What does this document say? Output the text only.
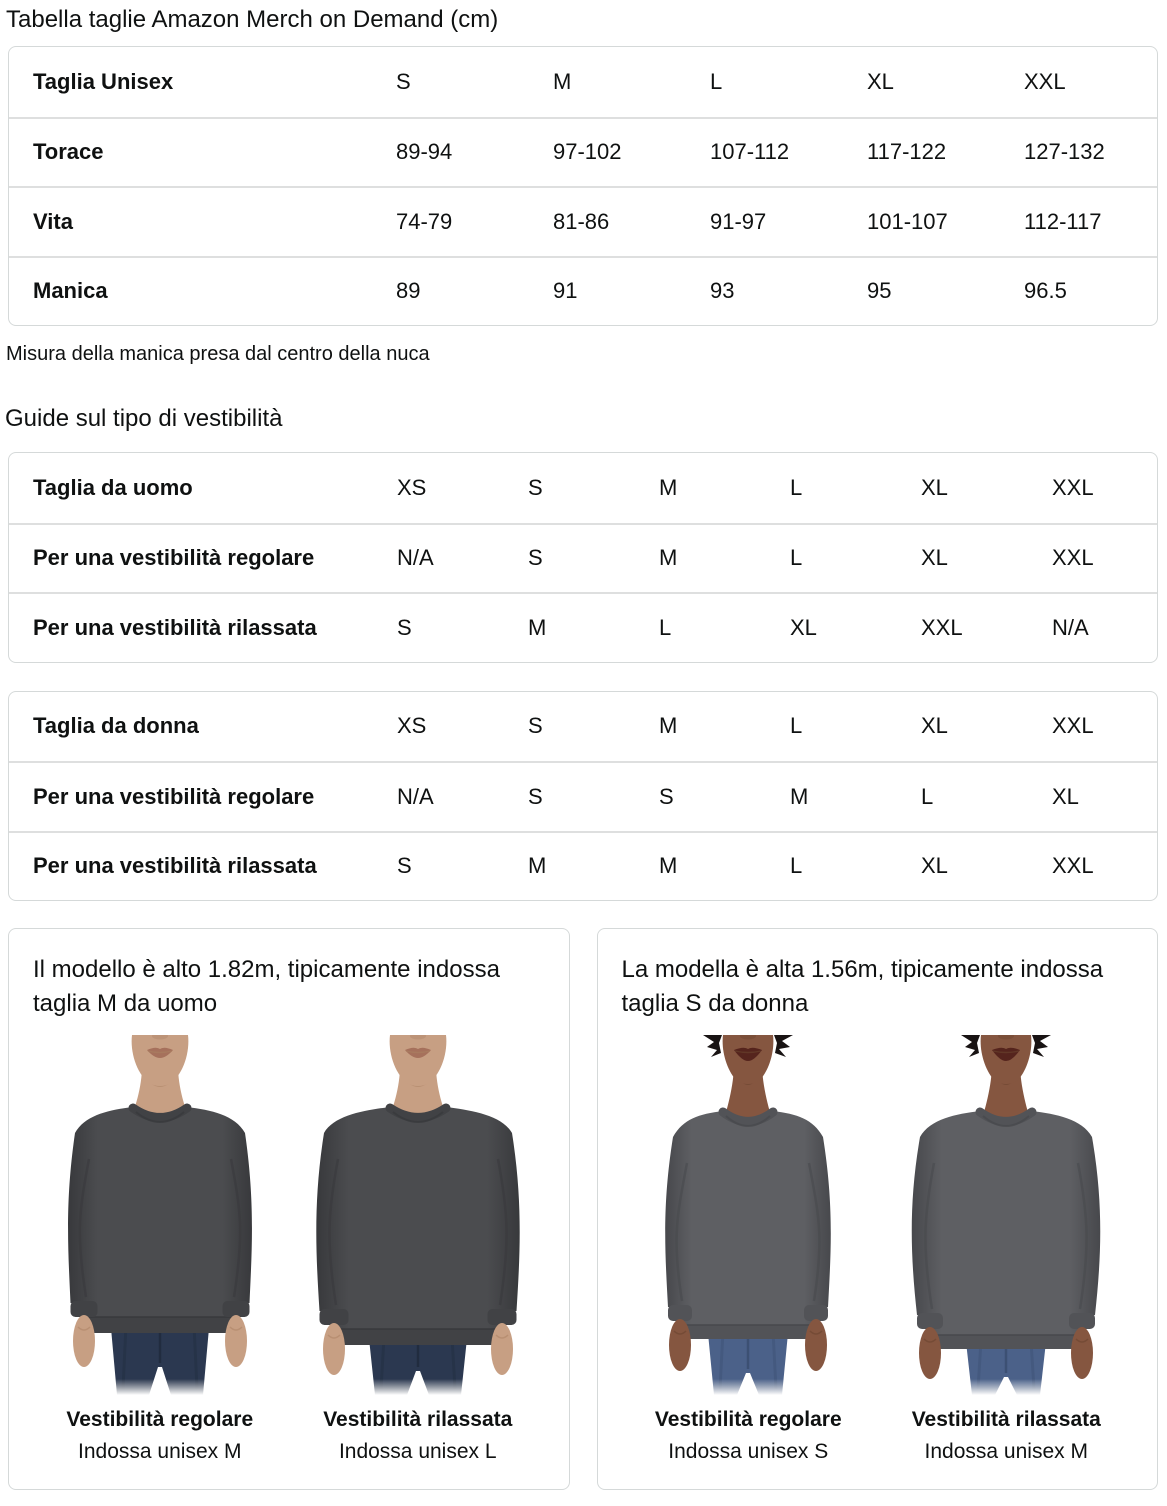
Tabella taglie Amazon Merch on Demand (cm)
Taglia Unisex	S	M	L	XL	XXL
Torace	89-94	97-102	107-112	117-122	127-132
Vita	74-79	81-86	91-97	101-107	112-117
Manica	89	91	93	95	96.5
Misura della manica presa dal centro della nuca
Guide sul tipo di vestibilità
Taglia da uomo	XS	S	M	L	XL	XXL
Per una vestibilità regolare	N/A	S	M	L	XL	XXL
Per una vestibilità rilassata	S	M	L	XL	XXL	N/A
Taglia da donna	XS	S	M	L	XL	XXL
Per una vestibilità regolare	N/A	S	S	M	L	XL
Per una vestibilità rilassata	S	M	M	L	XL	XXL
Il modello è alto 1.82m, tipicamente indossa taglia M da uomo
Vestibilità regolare
Indossa unisex M
Vestibilità rilassata
Indossa unisex L
La modella è alta 1.56m, tipicamente indossa taglia S da donna
Vestibilità regolare
Indossa unisex S
Vestibilità rilassata
Indossa unisex M
